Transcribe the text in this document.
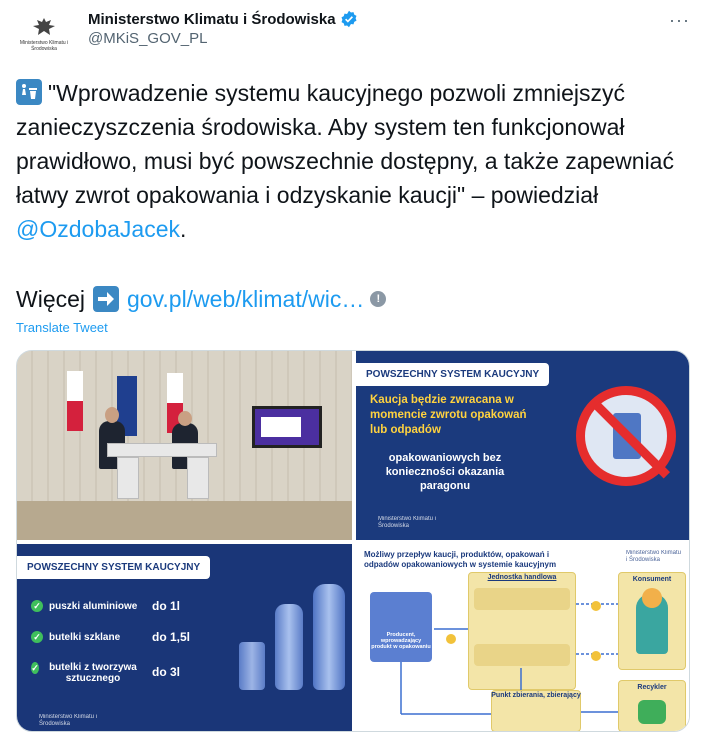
Ministerstwo Klimatu i Środowiska
Ministerstwo Klimatu i Środowiska
@MKiS_GOV_PL
···
"Wprowadzenie systemu kaucyjnego pozwoli zmniejszyć zanieczyszczenia środowiska. Aby system ten funkcjonował prawidłowo, musi być powszechnie dostępny, a także zapewniać łatwy zwrot opakowania i odzyskanie kaucji" – powiedział @OzdobaJacek.
Więcej gov.pl/web/klimat/wic…	!
Translate Tweet
POWSZECHNY SYSTEM KAUCYJNY
Kaucja będzie zwracana w momencie zwrotu opakowań lub odpadów
opakowaniowych bez konieczności okazania paragonu
Ministerstwo Klimatu i Środowiska
POWSZECHNY SYSTEM KAUCYJNY
✓ puszki aluminiowe do 1l
✓ butelki szklane	do 1,5l
✓	butelki z tworzywa sztucznego	do 3l
Ministerstwo Klimatu i Środowiska
Możliwy przepływ kaucji, produktów, opakowań i odpadów opakowaniowych w systemie kaucyjnym
Ministerstwo Klimatu i Środowiska
Jednostka handlowa	Konsument
Producent, wprowadzający produkt w opakowaniu
Punkt zbierania, zbierający
Recykler
